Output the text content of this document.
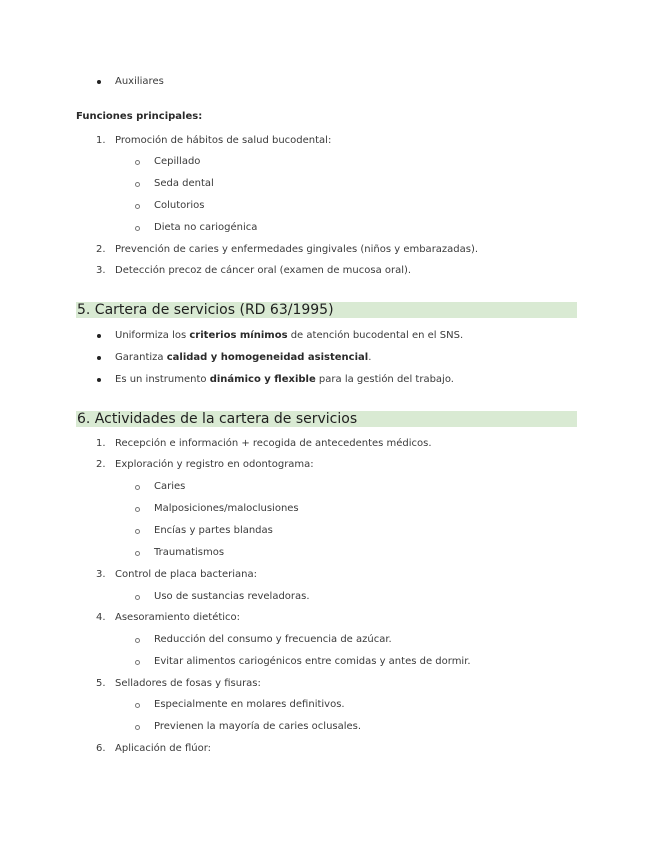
Auxiliares
Funciones principales:
1. Promoción de hábitos de salud bucodental:
Cepillado
Seda dental
Colutorios
Dieta no cariogénica
2. Prevención de caries y enfermedades gingivales (niños y embarazadas).
3. Detección precoz de cáncer oral (examen de mucosa oral).
5. Cartera de servicios (RD 63/1995)
Uniformiza los criterios mínimos de atención bucodental en el SNS.
Garantiza calidad y homogeneidad asistencial.
Es un instrumento dinámico y flexible para la gestión del trabajo.
6. Actividades de la cartera de servicios
1. Recepción e información + recogida de antecedentes médicos.
2. Exploración y registro en odontograma:
Caries
Malposiciones/maloclusiones
Encías y partes blandas
Traumatismos
3. Control de placa bacteriana:
Uso de sustancias reveladoras.
4. Asesoramiento dietético:
Reducción del consumo y frecuencia de azúcar.
Evitar alimentos cariogénicos entre comidas y antes de dormir.
5. Selladores de fosas y fisuras:
Especialmente en molares definitivos.
Previenen la mayoría de caries oclusales.
6. Aplicación de flúor:
